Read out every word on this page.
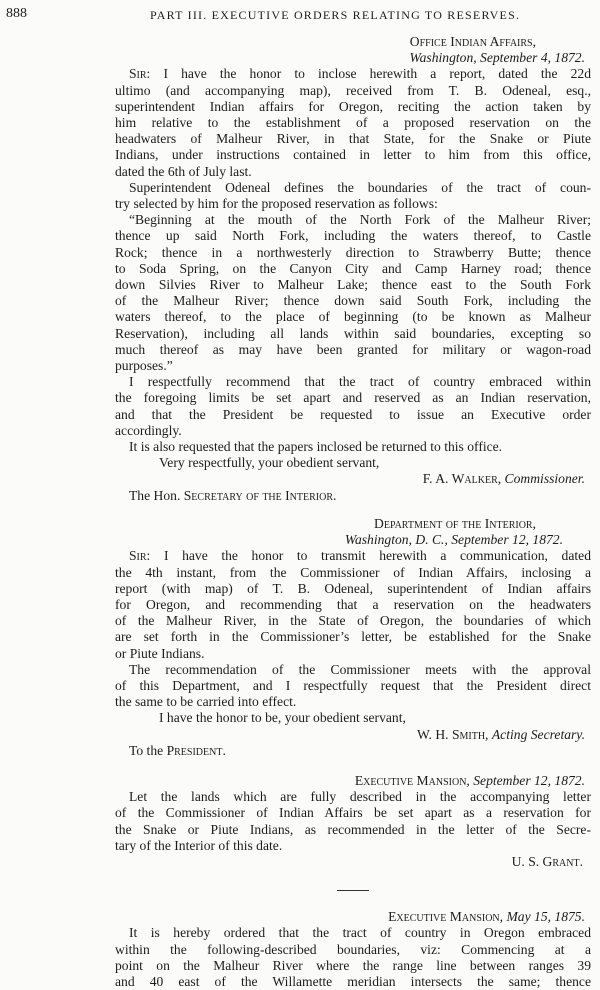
888	PART III. EXECUTIVE ORDERS RELATING TO RESERVES.

Office Indian Affairs,

Washington, September 4, 1872.

Sir: I have the honor to inclose herewith a report, dated the 22d

ultimo (and accompanying map), received from T. B. Odeneal, esq.,

superintendent Indian affairs for Oregon, reciting the action taken by

him relative to the establishment of a proposed reservation on the

headwaters of Malheur River, in that State, for the Snake or Piute

Indians, under instructions contained in letter to him from this office,

dated the 6th of July last.

Superintendent Odeneal defines the boundaries of the tract of coun-

try selected by him for the proposed reservation as follows:

“Beginning at the mouth of the North Fork of the Malheur River;

thence up said North Fork, including the waters thereof, to Castle

Rock; thence in a northwesterly direction to Strawberry Butte; thence

to Soda Spring, on the Canyon City and Camp Harney road; thence

down Silvies River to Malheur Lake; thence east to the South Fork

of the Malheur River; thence down said South Fork, including the

waters thereof, to the place of beginning (to be known as Malheur

Reservation), including all lands within said boundaries, excepting so

much thereof as may have been granted for military or wagon-road

purposes.”

I respectfully recommend that the tract of country embraced within

the foregoing limits be set apart and reserved as an Indian reservation,

and that the President be requested to issue an Executive order

accordingly.

It is also requested that the papers inclosed be returned to this office.

Very respectfully, your obedient servant,

F. A. Walker, Commissioner.

The Hon. Secretary of the Interior.

Department of the Interior,

Washington, D. C., September 12, 1872.

Sir: I have the honor to transmit herewith a communication, dated

the 4th instant, from the Commissioner of Indian Affairs, inclosing a

report (with map) of T. B. Odeneal, superintendent of Indian affairs

for Oregon, and recommending that a reservation on the headwaters

of the Malheur River, in the State of Oregon, the boundaries of which

are set forth in the Commissioner’s letter, be established for the Snake

or Piute Indians.

The recommendation of the Commissioner meets with the approval

of this Department, and I respectfully request that the President direct

the same to be carried into effect.

I have the honor to be, your obedient servant,

W. H. Smith, Acting Secretary.

To the President.

Executive Mansion, September 12, 1872.

Let the lands which are fully described in the accompanying letter

of the Commissioner of Indian Affairs be set apart as a reservation for

the Snake or Piute Indians, as recommended in the letter of the Secre-

tary of the Interior of this date.

U. S. Grant.

Executive Mansion, May 15, 1875.

It is hereby ordered that the tract of country in Oregon embraced

within the following-described boundaries, viz: Commencing at a

point on the Malheur River where the range line between ranges 39

and 40 east of the Willamette meridian intersects the same; thence
